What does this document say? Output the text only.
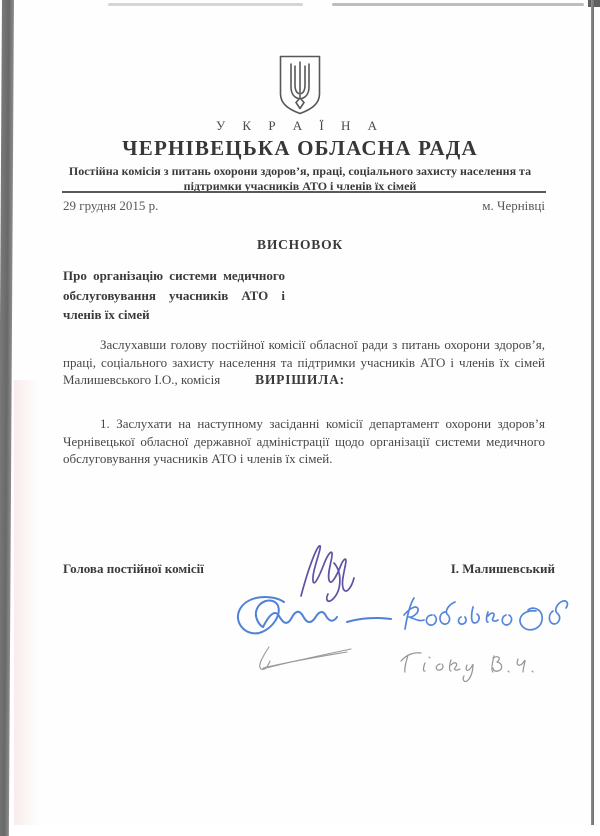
У К Р А Ї Н А
ЧЕРНІВЕЦЬКА ОБЛАСНА РАДА
Постійна комісія з питань охорони здоров’я, праці, соціального захисту населення та
підтримки учасників АТО і членів їх сімей
29 грудня 2015 р.	м. Чернівці
ВИСНОВОК
Про організацію системи медичного обслуговування учасників АТО і членів їх сімей

Заслухавши голову постійної комісії обласної ради з питань охорони здоров’я, праці, соціального захисту населення та підтримки учасників АТО і членів їх сімей Малишевського І.О., комісія	ВИРІШИЛА:

1. Заслухати на наступному засіданні комісії департамент охорони здоров’я Чернівецької обласної державної адміністрації щодо організації системи медичного обслуговування учасників АТО і членів їх сімей.

Голова постійної комісії	І. Малишевський
